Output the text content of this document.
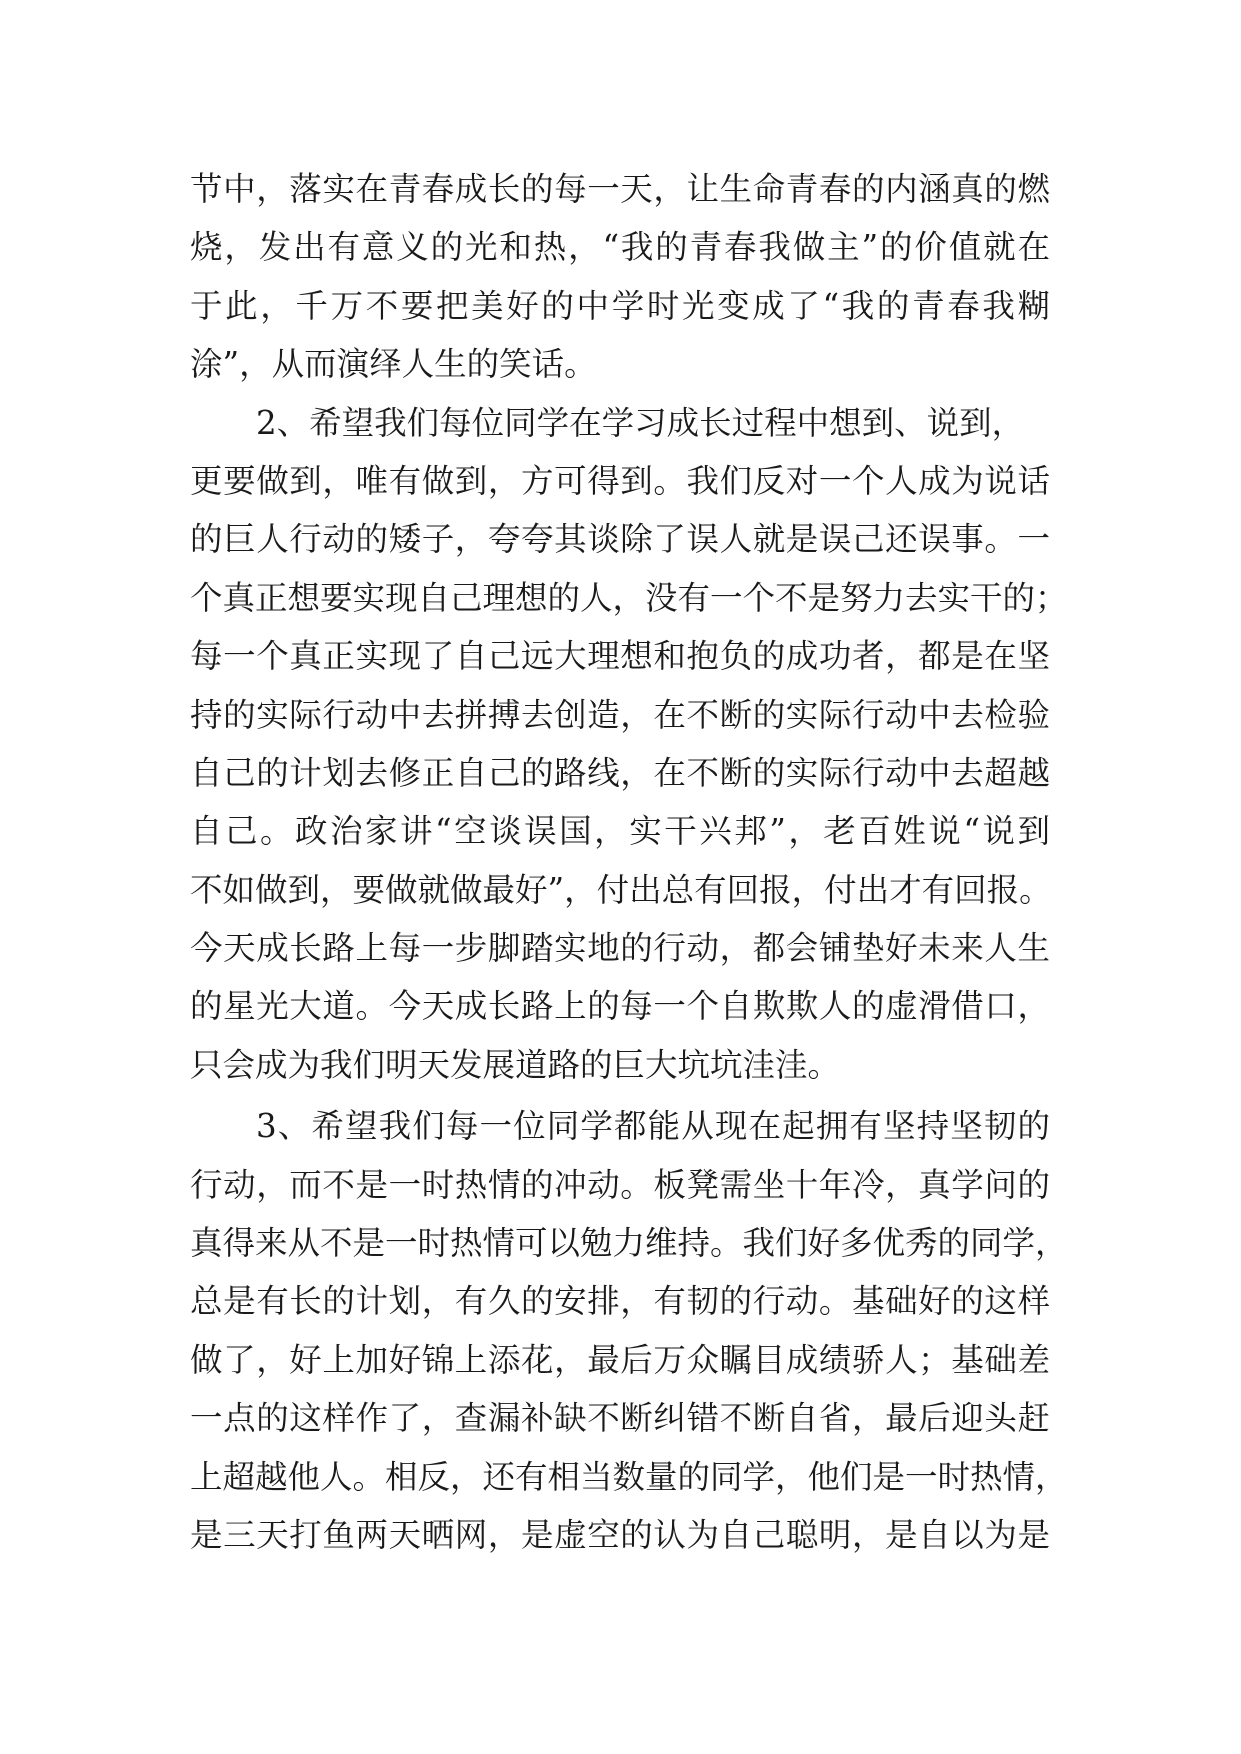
节中，落实在青春成长的每一天，让生命青春的内涵真的燃
烧，发出有意义的光和热，“我的青春我做主”的价值就在
于此，千万不要把美好的中学时光变成了“我的青春我糊
涂”，从而演绎人生的笑话。
2、希望我们每位同学在学习成长过程中想到、说到，
更要做到，唯有做到，方可得到。我们反对一个人成为说话
的巨人行动的矮子，夸夸其谈除了误人就是误己还误事。一
个真正想要实现自己理想的人，没有一个不是努力去实干的；
每一个真正实现了自己远大理想和抱负的成功者，都是在坚
持的实际行动中去拼搏去创造，在不断的实际行动中去检验
自己的计划去修正自己的路线，在不断的实际行动中去超越
自己。政治家讲“空谈误国，实干兴邦”，老百姓说“说到
不如做到，要做就做最好”，付出总有回报，付出才有回报。
今天成长路上每一步脚踏实地的行动，都会铺垫好未来人生
的星光大道。今天成长路上的每一个自欺欺人的虚滑借口，
只会成为我们明天发展道路的巨大坑坑洼洼。
3、希望我们每一位同学都能从现在起拥有坚持坚韧的
行动，而不是一时热情的冲动。板凳需坐十年冷，真学问的
真得来从不是一时热情可以勉力维持。我们好多优秀的同学，
总是有长的计划，有久的安排，有韧的行动。基础好的这样
做了，好上加好锦上添花，最后万众瞩目成绩骄人；基础差
一点的这样作了，查漏补缺不断纠错不断自省，最后迎头赶
上超越他人。相反，还有相当数量的同学，他们是一时热情，
是三天打鱼两天晒网，是虚空的认为自己聪明，是自以为是
